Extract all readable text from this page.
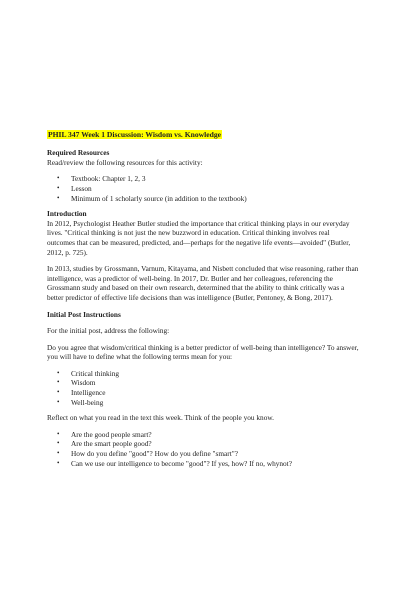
PHIL 347 Week 1 Discussion: Wisdom vs. Knowledge
Required Resources

Read/review the following resources for this activity:

• Textbook: Chapter 1, 2, 3
• Lesson
• Minimum of 1 scholarly source (in addition to the textbook)
Introduction

In 2012, Psychologist Heather Butler studied the importance that critical thinking plays in our everyday lives. "Critical thinking is not just the new buzzword in education. Critical thinking involves real outcomes that can be measured, predicted, and—perhaps for the negative life events—avoided" (Butler, 2012, p. 725).

In 2013, studies by Grossmann, Varnum, Kitayama, and Nisbett concluded that wise reasoning, rather than intelligence, was a predictor of well-being. In 2017, Dr. Butler and her colleagues, referencing the Grossmann study and based on their own research, determined that the ability to think critically was a better predictor of effective life decisions than was intelligence (Butler, Pentoney, & Bong, 2017).

Initial Post Instructions

For the initial post, address the following:

Do you agree that wisdom/critical thinking is a better predictor of well-being than intelligence? To answer, you will have to define what the following terms mean for you:

• Critical thinking
• Wisdom
• Intelligence
• Well-being

Reflect on what you read in the text this week. Think of the people you know.

• Are the good people smart?
• Are the smart people good?
• How do you define "good"? How do you define "smart"?
• Can we use our intelligence to become "good"? If yes, how? If no, whynot?
